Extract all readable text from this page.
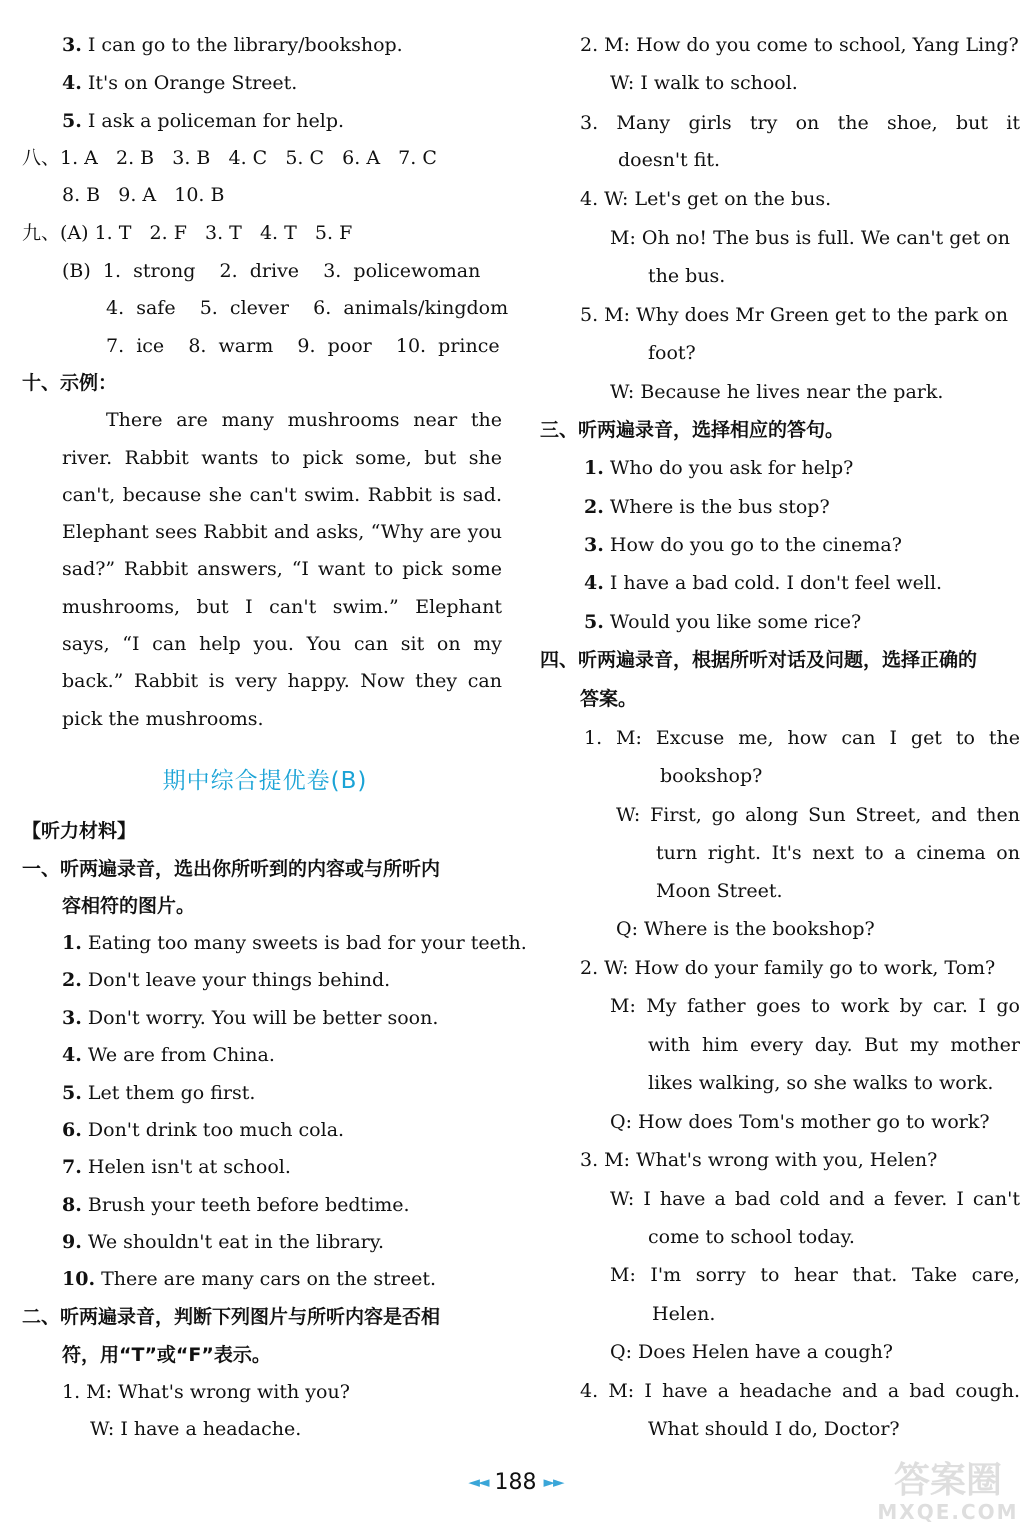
3. I can go to the library/bookshop.
4. It's on Orange Street.
5. I ask a policeman for help.
八、1. A   2. B   3. B   4. C   5. C   6. A   7. C
8. B   9. A   10. B
九、(A) 1. T   2. F   3. T   4. T   5. F
(B)  1.  strong    2.  drive    3.  policewoman
4.  safe    5.  clever    6.  animals/kingdom
7.  ice    8.  warm    9.  poor    10.  prince
十、示例：
There are many mushrooms near the
river. Rabbit wants to pick some, but she
can't, because she can't swim. Rabbit is sad.
Elephant sees Rabbit and asks, “Why are you
sad?” Rabbit answers, “I want to pick some
mushrooms, but I can't swim.” Elephant
says, “I can help you. You can sit on my
back.” Rabbit is very happy. Now they can
pick the mushrooms.
期中综合提优卷(B)
【听力材料】
一、听两遍录音，选出你所听到的内容或与所听内
容相符的图片。
1. Eating too many sweets is bad for your teeth.
2. Don't leave your things behind.
3. Don't worry. You will be better soon.
4. We are from China.
5. Let them go first.
6. Don't drink too much cola.
7. Helen isn't at school.
8. Brush your teeth before bedtime.
9. We shouldn't eat in the library.
10. There are many cars on the street.
二、听两遍录音，判断下列图片与所听内容是否相
符，用“T”或“F”表示。
1. M: What's wrong with you?
W: I have a headache.
2. M: How do you come to school, Yang Ling?
W: I walk to school.
3. Many girls try on the shoe, but it
doesn't fit.
4. W: Let's get on the bus.
M: Oh no! The bus is full. We can't get on
the bus.
5. M: Why does Mr Green get to the park on
foot?
W: Because he lives near the park.
三、听两遍录音，选择相应的答句。
1. Who do you ask for help?
2. Where is the bus stop?
3. How do you go to the cinema?
4. I have a bad cold. I don't feel well.
5. Would you like some rice?
四、听两遍录音，根据所听对话及问题，选择正确的
答案。
1. M: Excuse me, how can I get to the
bookshop?
W: First, go along Sun Street, and then
turn right. It's next to a cinema on
Moon Street.
Q: Where is the bookshop?
2. W: How do your family go to work, Tom?
M: My father goes to work by car. I go
with him every day. But my mother
likes walking, so she walks to work.
Q: How does Tom's mother go to work?
3. M: What's wrong with you, Helen?
W: I have a bad cold and a fever. I can't
come to school today.
M: I'm sorry to hear that. Take care,
Helen.
Q: Does Helen have a cough?
4. M: I have a headache and a bad cough.
What should I do, Doctor?
◄◄ 188 ►►	答案圈
MXQE.COM
